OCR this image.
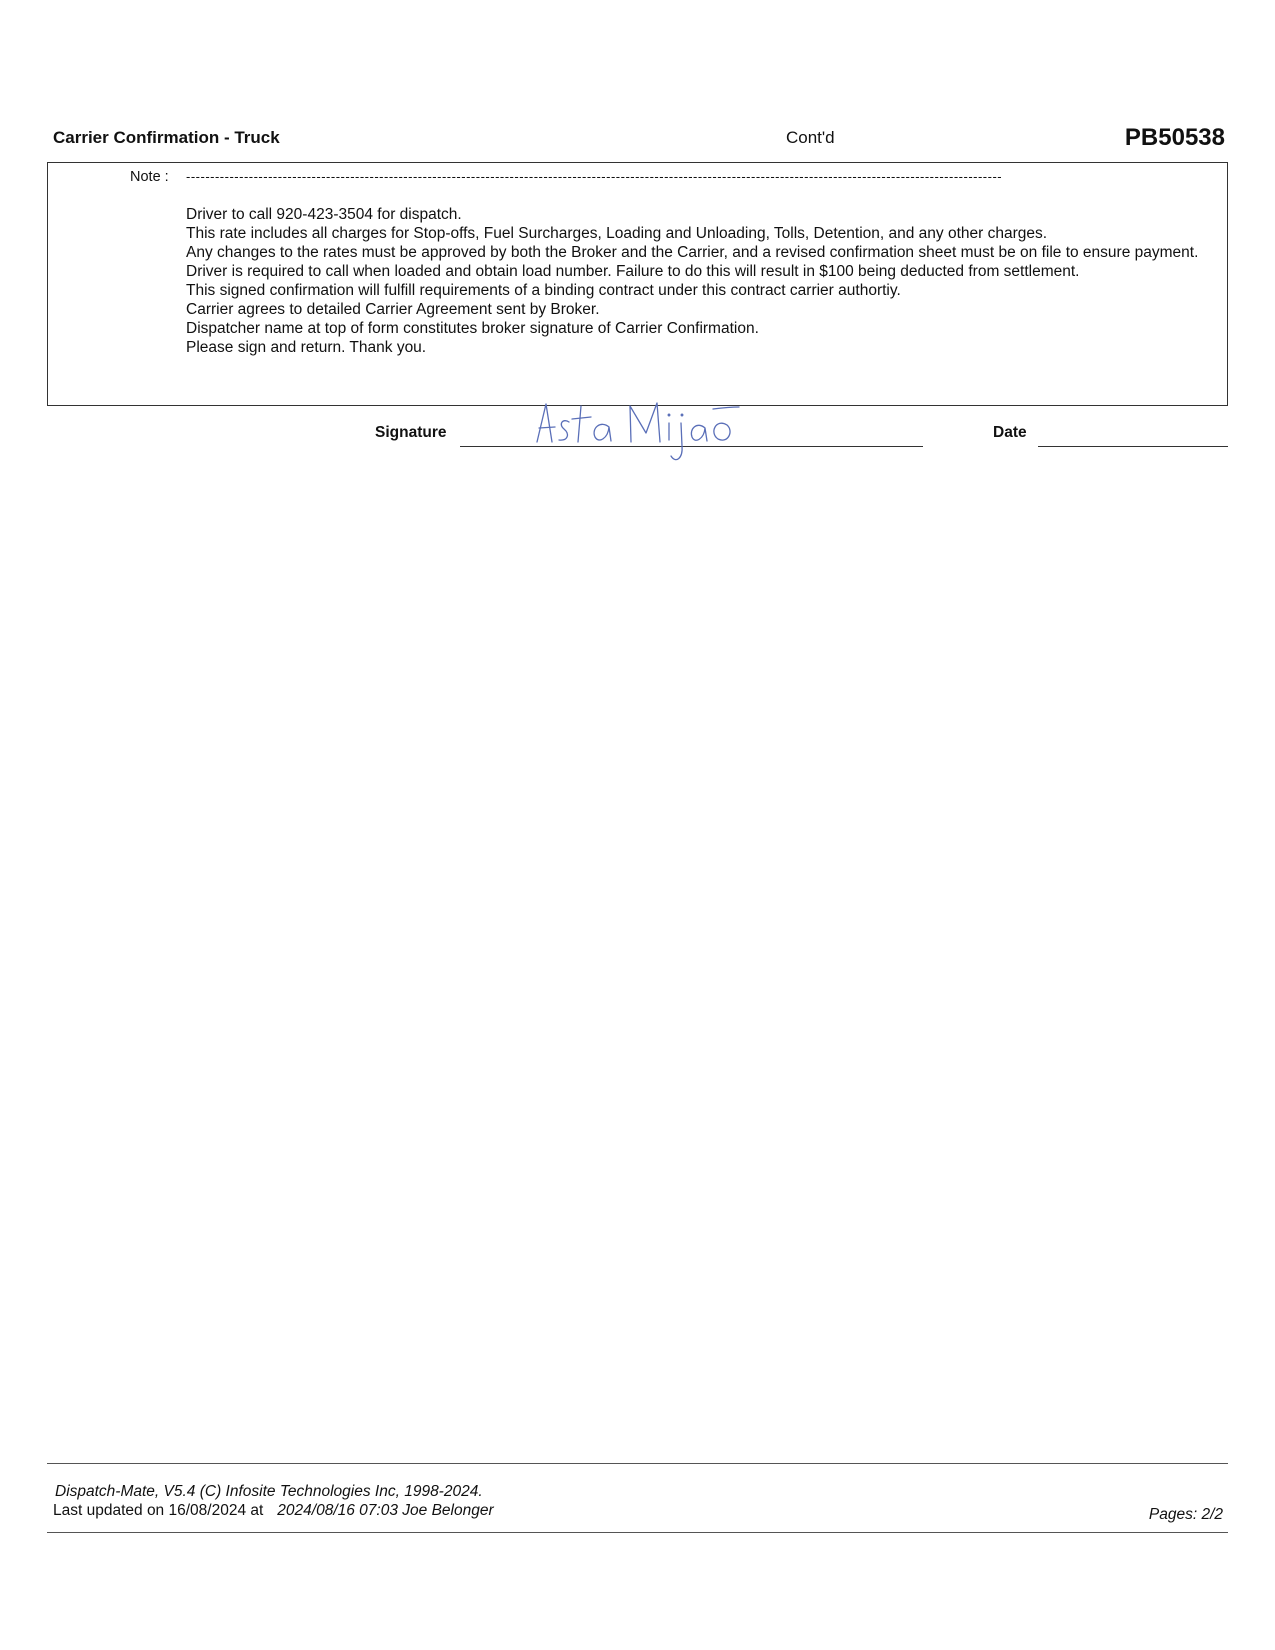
Carrier Confirmation - Truck	Cont'd	PB50538
Note : -------------------------------------------------------------------------------------------------------------------------------------------------------------------------
Driver to call 920-423-3504 for dispatch.
This rate includes all charges for Stop-offs, Fuel Surcharges, Loading and Unloading, Tolls, Detention, and any other charges.
Any changes to the rates must be approved by both the Broker and the Carrier, and a revised confirmation sheet must be on file to ensure payment.
Driver is required to call when loaded and obtain load number. Failure to do this will result in $100 being deducted from settlement.
This signed confirmation will fulfill requirements of a binding contract under this contract carrier authortiy.
Carrier agrees to detailed Carrier Agreement sent by Broker.
Dispatcher name at top of form constitutes broker signature of Carrier Confirmation.
Please sign and return. Thank you.
Signature	Date
Dispatch-Mate, V5.4 (C) Infosite Technologies Inc, 1998-2024.
Last updated on 16/08/2024 at 2024/08/16 07:03 Joe Belonger	Pages: 2/2
